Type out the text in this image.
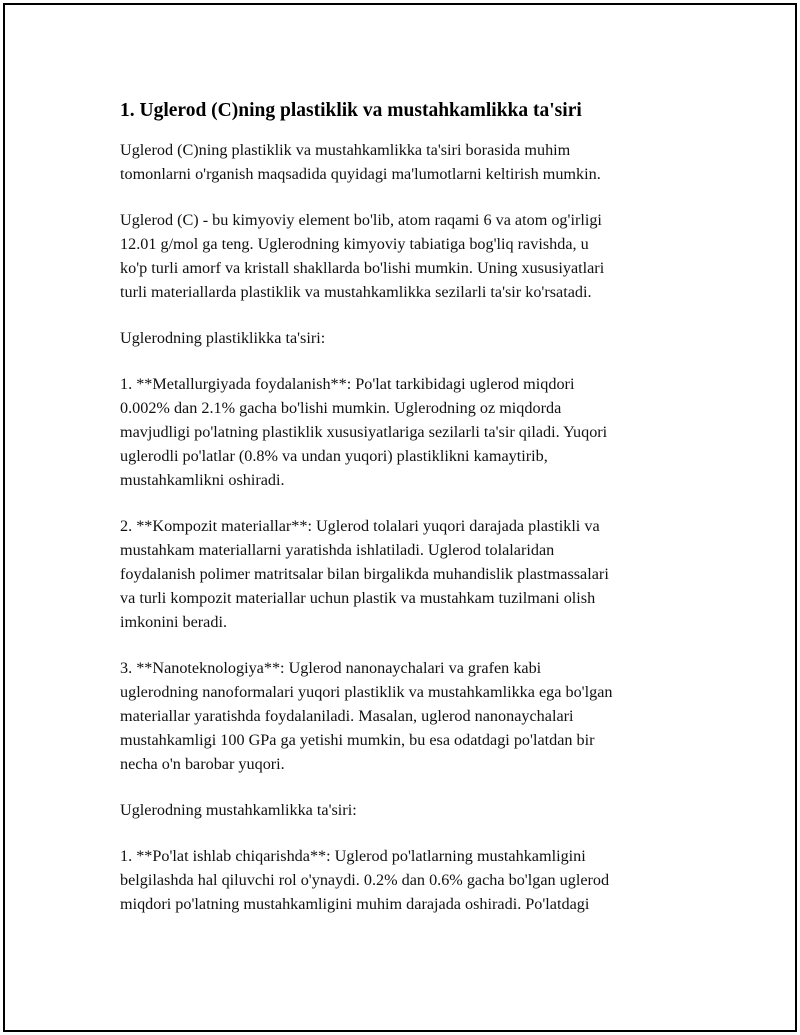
1. Uglerod (C)ning plastiklik va mustahkamlikka ta'siri

Uglerod (C)ning plastiklik va mustahkamlikka ta'siri borasida muhim
tomonlarni o'rganish maqsadida quyidagi ma'lumotlarni keltirish mumkin.

Uglerod (C) - bu kimyoviy element bo'lib, atom raqami 6 va atom og'irligi
12.01 g/mol ga teng. Uglerodning kimyoviy tabiatiga bog'liq ravishda, u
ko'p turli amorf va kristall shakllarda bo'lishi mumkin. Uning xususiyatlari
turli materiallarda plastiklik va mustahkamlikka sezilarli ta'sir ko'rsatadi.

Uglerodning plastiklikka ta'siri:

1. **Metallurgiyada foydalanish**: Po'lat tarkibidagi uglerod miqdori
0.002% dan 2.1% gacha bo'lishi mumkin. Uglerodning oz miqdorda
mavjudligi po'latning plastiklik xususiyatlariga sezilarli ta'sir qiladi. Yuqori
uglerodli po'latlar (0.8% va undan yuqori) plastiklikni kamaytirib,
mustahkamlikni oshiradi.

2. **Kompozit materiallar**: Uglerod tolalari yuqori darajada plastikli va
mustahkam materiallarni yaratishda ishlatiladi. Uglerod tolalaridan
foydalanish polimer matritsalar bilan birgalikda muhandislik plastmassalari
va turli kompozit materiallar uchun plastik va mustahkam tuzilmani olish
imkonini beradi.

3. **Nanoteknologiya**: Uglerod nanonaychalari va grafen kabi
uglerodning nanoformalari yuqori plastiklik va mustahkamlikka ega bo'lgan
materiallar yaratishda foydalaniladi. Masalan, uglerod nanonaychalari
mustahkamligi 100 GPa ga yetishi mumkin, bu esa odatdagi po'latdan bir
necha o'n barobar yuqori.

Uglerodning mustahkamlikka ta'siri:

1. **Po'lat ishlab chiqarishda**: Uglerod po'latlarning mustahkamligini
belgilashda hal qiluvchi rol o'ynaydi. 0.2% dan 0.6% gacha bo'lgan uglerod
miqdori po'latning mustahkamligini muhim darajada oshiradi. Po'latdagi
